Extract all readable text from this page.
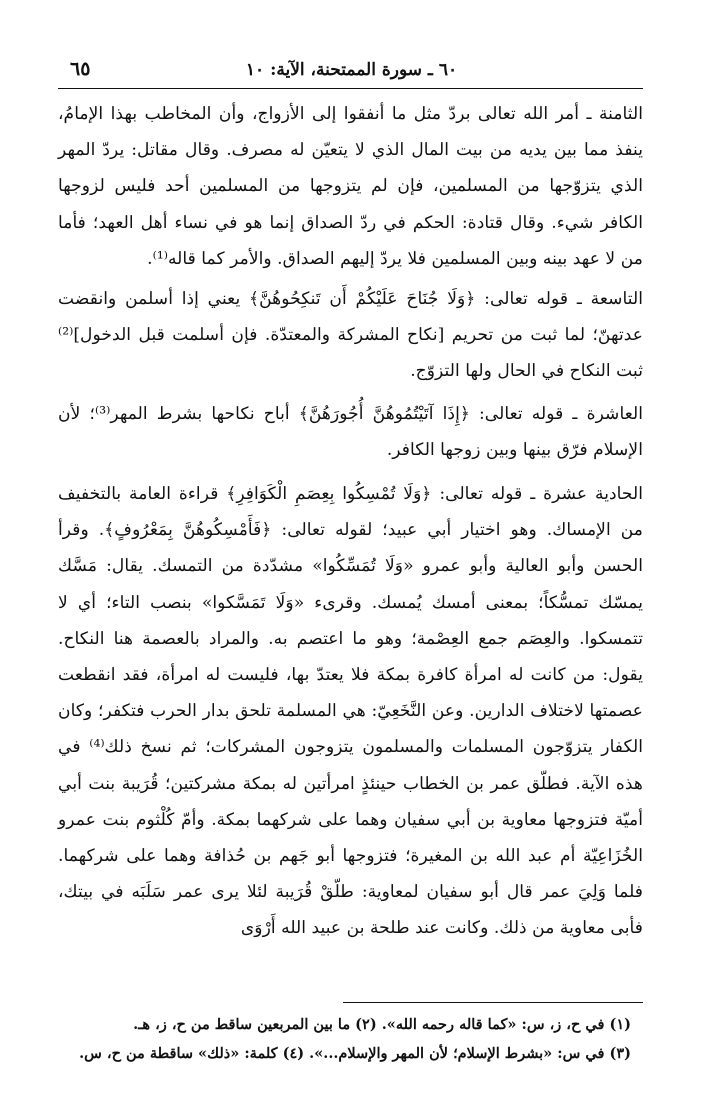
٦٠ ـ سورة الممتحنة، الآية: ١٠
٦٥

الثامنة ـ أمر الله تعالى بردّ مثل ما أنفقوا إلى الأزواج، وأن المخاطب بهذا الإمامُ، ينفذ مما بين يديه من بيت المال الذي لا يتعيّن له مصرف. وقال مقاتل: يردّ المهر الذي يتزوّجها من المسلمين، فإن لم يتزوجها من المسلمين أحد فليس لزوجها الكافر شيء. وقال قتادة: الحكم في ردّ الصداق إنما هو في نساء أهل العهد؛ فأما من لا عهد بينه وبين المسلمين فلا يردّ إليهم الصداق. والأمر كما قاله⁽¹⁾.

التاسعة ـ قوله تعالى: ﴿وَلَا جُنَاحَ عَلَيْكُمْ أَن تَنكِحُوهُنَّ﴾ يعني إذا أسلمن وانقضت عدتهنّ؛ لما ثبت من تحريم [نكاح المشركة والمعتدّة. فإن أسلمت قبل الدخول]⁽²⁾ ثبت النكاح في الحال ولها التزوّج.

العاشرة ـ قوله تعالى: ﴿إِذَا آتَيْتُمُوهُنَّ أُجُورَهُنَّ﴾ أباح نكاحها بشرط المهر⁽³⁾؛ لأن الإسلام فرّق بينها وبين زوجها الكافر.

الحادية عشرة ـ قوله تعالى: ﴿وَلَا تُمْسِكُوا بِعِصَمِ الْكَوَافِرِ﴾ قراءة العامة بالتخفيف من الإمساك. وهو اختيار أبي عبيد؛ لقوله تعالى: ﴿فَأَمْسِكُوهُنَّ بِمَعْرُوفٍ﴾. وقرأ الحسن وأبو العالية وأبو عمرو «وَلَا تُمَسِّكُوا» مشدّدة من التمسك. يقال: مَسَّك يمسّك تمسُّكاً؛ بمعنى أمسك يُمسك. وقرىء «وَلَا تَمَسَّكوا» بنصب التاء؛ أي لا تتمسكوا. والعِصَم جمع العِصْمة؛ وهو ما اعتصم به. والمراد بالعصمة هنا النكاح. يقول: من كانت له امرأة كافرة بمكة فلا يعتدّ بها، فليست له امرأة، فقد انقطعت عصمتها لاختلاف الدارين. وعن النَّخَعِيّ: هي المسلمة تلحق بدار الحرب فتكفر؛ وكان الكفار يتزوّجون المسلمات والمسلمون يتزوجون المشركات؛ ثم نسخ ذلك⁽⁴⁾ في هذه الآية. فطلّق عمر بن الخطاب حينئذٍ امرأتين له بمكة مشركتين؛ قُرَيبة بنت أبي أميّة فتزوجها معاوية بن أبي سفيان وهما على شركهما بمكة. وأمّ كُلْثوم بنت عمرو الخُزَاعِيّة أم عبد الله بن المغيرة؛ فتزوجها أبو جَهم بن حُذافة وهما على شركهما. فلما وَلِيَ عمر قال أبو سفيان لمعاوية: طلّقْ قُرَيبة لئلا يرى عمر سَلَبَه في بيتك، فأبى معاوية من ذلك. وكانت عند طلحة بن عبيد الله أَرْوَى

(١) في ح، ز، س: «كما قاله رحمه الله». (٢) ما بين المربعين ساقط من ح، ز، هـ.
(٣) في س: «بشرط الإسلام؛ لأن المهر والإسلام...». (٤) كلمة: «ذلك» ساقطة من ح، س.
